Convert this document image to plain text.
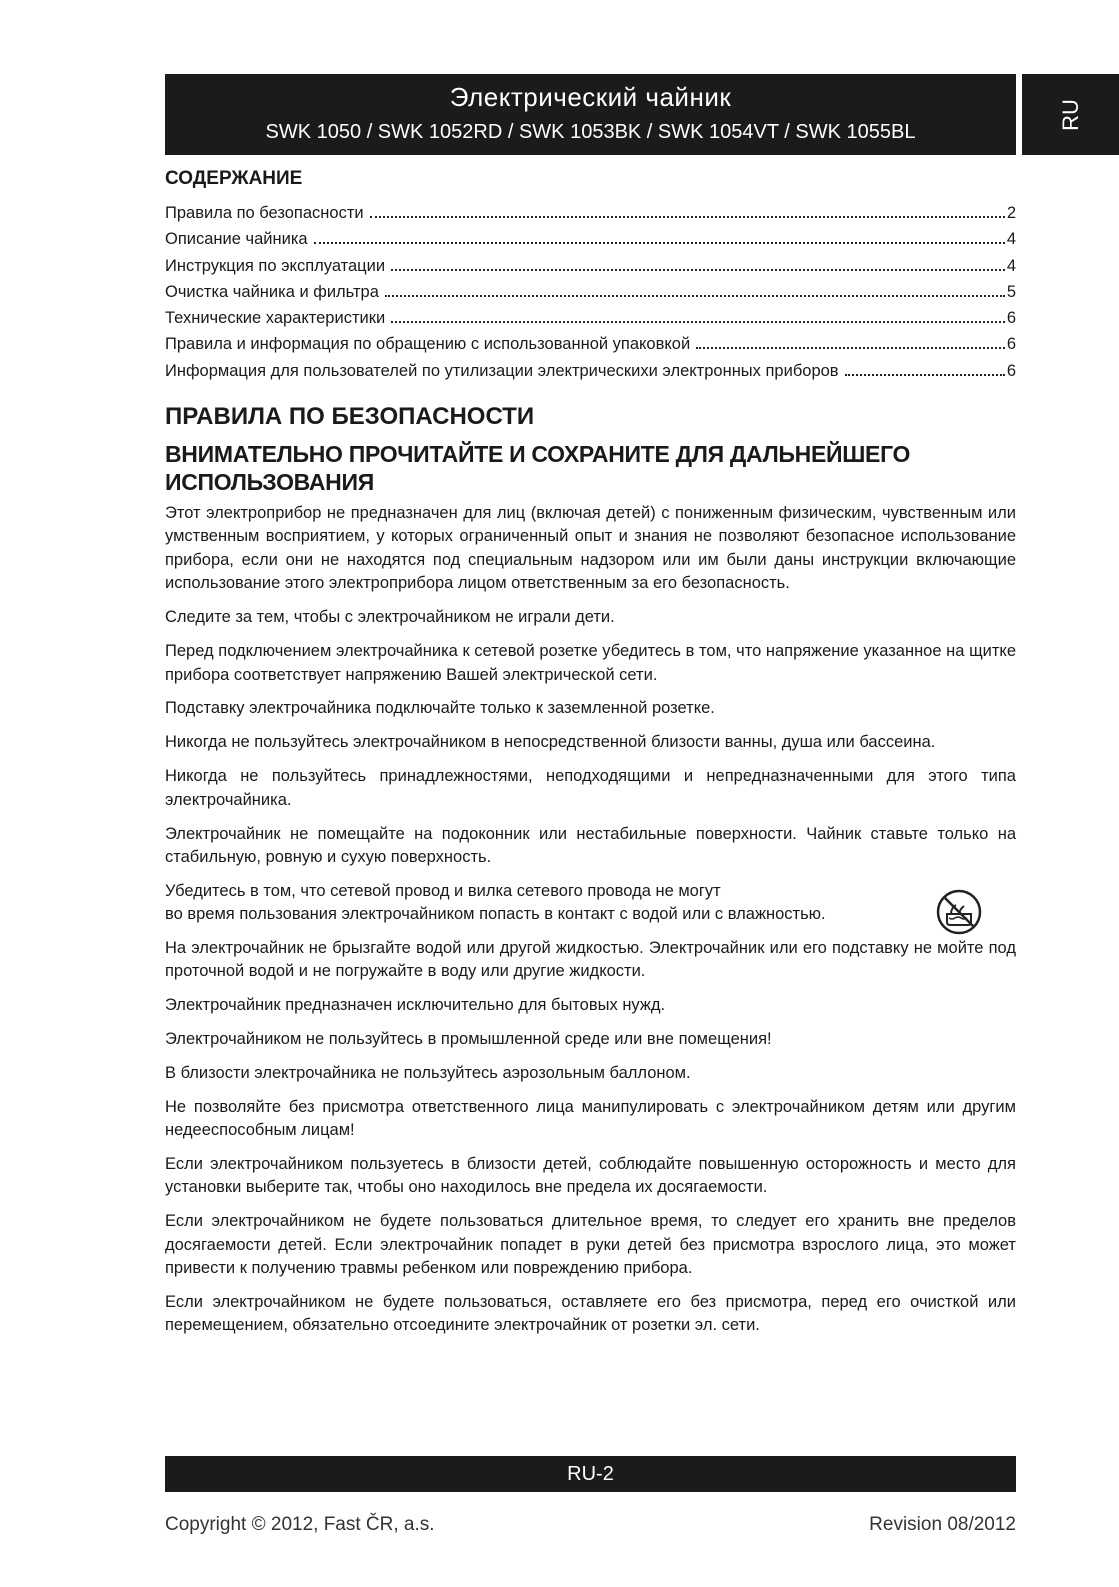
Электрический чайник
SWK 1050 / SWK 1052RD / SWK 1053BK / SWK 1054VT / SWK 1055BL
RU
СОДЕРЖАНИЕ
Правила по безопасности	2
Описание чайника	4
Инструкция по эксплуатации	4
Очистка чайника и фильтра	5
Технические характеристики	6
Правила и информация по обращению с использованной упаковкой	6
Информация для пользователей по утилизации электрическихи электронных приборов	6
ПРАВИЛА ПО БЕЗОПАСНОСТИ
ВНИМАТЕЛЬНО ПРОЧИТАЙТЕ И СОХРАНИТЕ ДЛЯ ДАЛЬНЕЙШЕГО ИСПОЛЬЗОВАНИЯ

Этот электроприбор не предназначен для лиц (включая детей) с пониженным физическим, чувственным или умственным восприятием, у которых ограниченный опыт и знания не позволяют безопасное использование прибора, если они не находятся под специальным надзором или им были даны инструкции включающие использование этого электроприбора лицом ответственным за его безопасность.

Следите за тем, чтобы с электрочайником не играли дети.

Перед подключением электрочайника к сетевой розетке убедитесь в том, что напряжение указанное на щитке прибора соответствует напряжению Вашей электрической сети.

Подставку электрочайника подключайте только к заземленной розетке.

Никогда не пользуйтесь электрочайником в непосредственной близости ванны, душа или бассеина.

Никогда не пользуйтесь принадлежностями, неподходящими и непредназначенными для этого типа электрочайника.

Электрочайник не помещайте на подоконник или нестабильные поверхности. Чайник ставьте только на стабильную, ровную и сухую поверхность.

Убедитесь в том, что сетевой провод и вилка сетевого провода не могут

во время пользования электрочайником попасть в контакт с водой или с влажностью.

На электрочайник не брызгайте водой или другой жидкостью. Электрочайник или его подставку не мойте под проточной водой и не погружайте в воду или другие жидкости.

Электрочайник предназначен исключительно для бытовых нужд.

Электрочайником не пользуйтесь в промышленной среде или вне помещения!

В близости электрочайника не пользуйтесь аэрозольным баллоном.

Не позволяйте без присмотра ответственного лица манипулировать с электрочайником детям или другим недееспособным лицам!

Если электрочайником пользуетесь в близости детей, соблюдайте повышенную осторожность и место для установки выберите так, чтобы оно находилось вне предела их досягаемости.

Если электрочайником не будете пользоваться длительное время, то следует его хранить вне пределов досягаемости детей. Если электрочайник попадет в руки детей без присмотра взрослого лица, это может привести к получению травмы ребенком или повреждению прибора.

Если электрочайником не будете пользоваться, оставляете его без присмотра, перед его очисткой или перемещением, обязательно отсоедините электрочайник от розетки эл. сети.

RU-2
Copyright © 2012, Fast ČR, a.s.	Revision 08/2012
